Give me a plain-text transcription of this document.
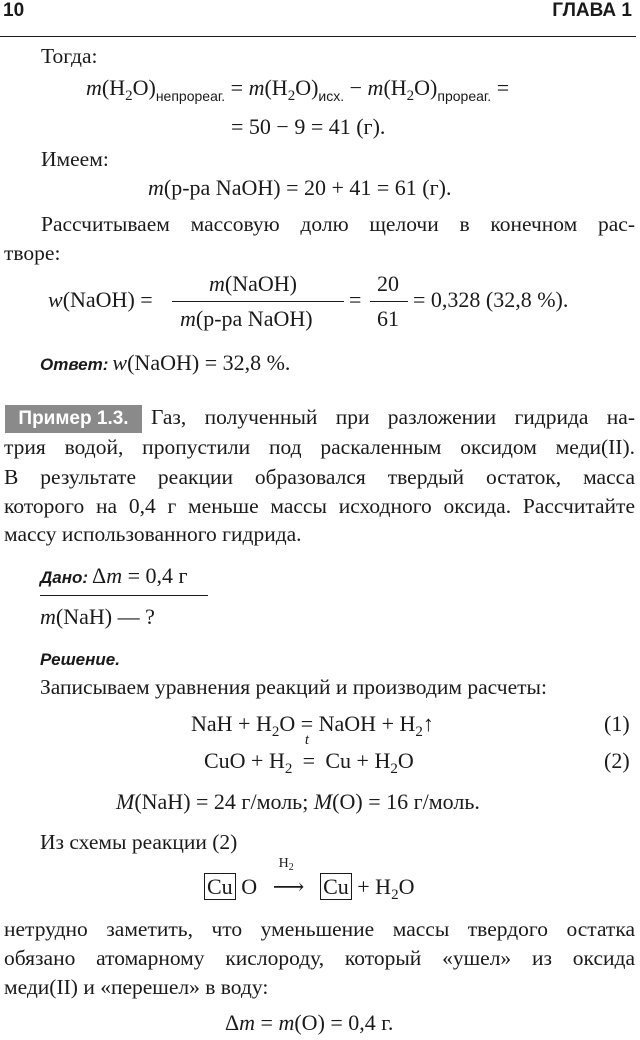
10	ГЛАВА 1
Тогда:
$m(H_2O)_{непрореаг.} = m(H_2O)_{исх.} - m(H_2O)_{прореаг.}$ =
= 50 − 9 = 41 (г).
Имеем:
m(р-ра NaOH) = 20 + 41 = 61 (г).
Рассчитываем массовую долю щелочи в конечном рас-
творе:
w(NaOH) =
m(NaOH)
m(р-ра NaOH)
=
20
61
= 0,328 (32,8 %).
Ответ: w(NaOH) = 32,8 %.
Пример 1.3.	Газ, полученный при разложении гидрида на-
трия водой, пропустили под раскаленным оксидом меди(II).
В результате реакции образовался твердый остаток, масса
которого на 0,4 г меньше массы исходного оксида. Рассчитайте
массу использованного гидрида.
Дано: Δm = 0,4 г
m(NaH) — ?
Решение.
Записываем уравнения реакций и производим расчеты:
NaH + $H_2O$ = NaOH + $H_2↑$	(1)
CuO + $H_2$
t
= $Cu + H_2O$	(2)
M(NaH) = 24 г/моль; M(O) = 16 г/моль.
Из схемы реакции (2)
Cu O
$H_2$
⟶ $Cu + H_2O$
нетрудно заметить, что уменьшение массы твердого остатка
обязано атомарному кислороду, который «ушел» из оксида
меди(II) и «перешел» в воду:
Δm = m(O) = 0,4 г.
